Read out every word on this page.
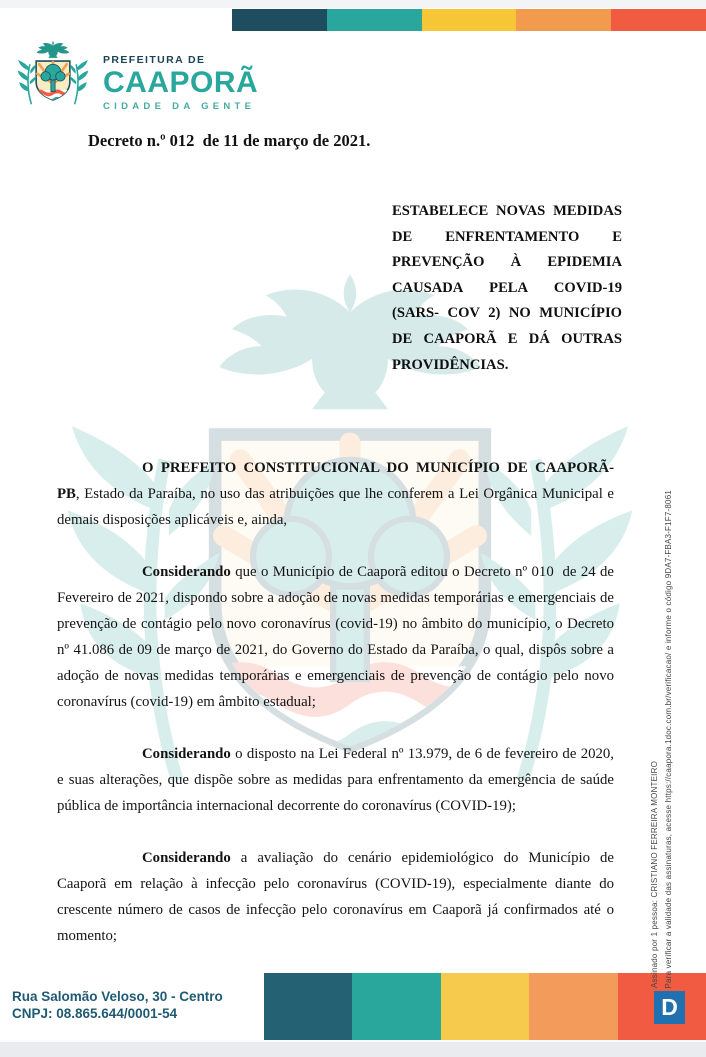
PREFEITURA DE
CAAPORÃ
CIDADE DA GENTE
Decreto n.º 012  de 11 de março de 2021.
ESTABELECE NOVAS MEDIDAS DE ENFRENTAMENTO E PREVENÇÃO À EPIDEMIA CAUSADA PELA COVID-19 (SARS- COV 2) NO MUNICÍPIO DE CAAPORÃ E DÁ OUTRAS PROVIDÊNCIAS.

O PREFEITO CONSTITUCIONAL DO MUNICÍPIO DE CAAPORÃ-PB, Estado da Paraíba, no uso das atribuições que lhe conferem a Lei Orgânica Municipal e demais disposições aplicáveis e, ainda,

Considerando que o Município de Caaporã editou o Decreto nº 010  de 24 de Fevereiro de 2021, dispondo sobre a adoção de novas medidas temporárias e emergenciais de prevenção de contágio pelo novo coronavírus (covid-19) no âmbito do município, o Decreto nº 41.086 de 09 de março de 2021, do Governo do Estado da Paraíba, o qual, dispôs sobre a adoção de novas medidas temporárias e emergenciais de prevenção de contágio pelo novo coronavírus (covid-19) em âmbito estadual;

Considerando o disposto na Lei Federal nº 13.979, de 6 de fevereiro de 2020, e suas alterações, que dispõe sobre as medidas para enfrentamento da emergência de saúde pública de importância internacional decorrente do coronavírus (COVID-19);

Considerando a avaliação do cenário epidemiológico do Município de Caaporã em relação à infecção pelo coronavírus (COVID-19), especialmente diante do crescente número de casos de infecção pelo coronavírus em Caaporã já confirmados até o momento;	Assinado por 1 pessoa: CRISTIANO FERREIRA MONTEIRO Para verificar a validade das assinaturas, acesse https://caapora.1doc.com.br/verificacao/ e informe o código 9DA7-FBA3-F1F7-8061
Rua Salomão Veloso, 30 - Centro
CNPJ: 08.865.644/0001-54	D
